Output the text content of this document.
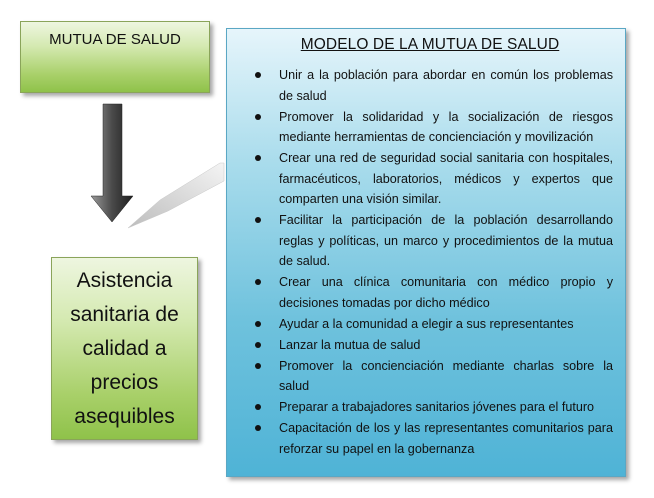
MUTUA DE SALUD
Asistencia
sanitaria de
calidad a
precios
asequibles
MODELO DE LA MUTUA DE SALUD
Unir a la población para abordar en común los problemas de salud
Promover la solidaridad y la socialización de riesgos mediante herramientas de concienciación y movilización
Crear una red de seguridad social sanitaria con hospitales, farmacéuticos, laboratorios, médicos y expertos que comparten una visión similar.
Facilitar la participación de la población desarrollando reglas y políticas, un marco y procedimientos de la mutua de salud.
Crear una clínica comunitaria con médico propio y decisiones tomadas por dicho médico
Ayudar a la comunidad a elegir a sus representantes
Lanzar la mutua de salud
Promover la concienciación mediante charlas sobre la salud
Preparar a trabajadores sanitarios jóvenes para el futuro
Capacitación de los y las representantes comunitarios para reforzar su papel en la gobernanza
